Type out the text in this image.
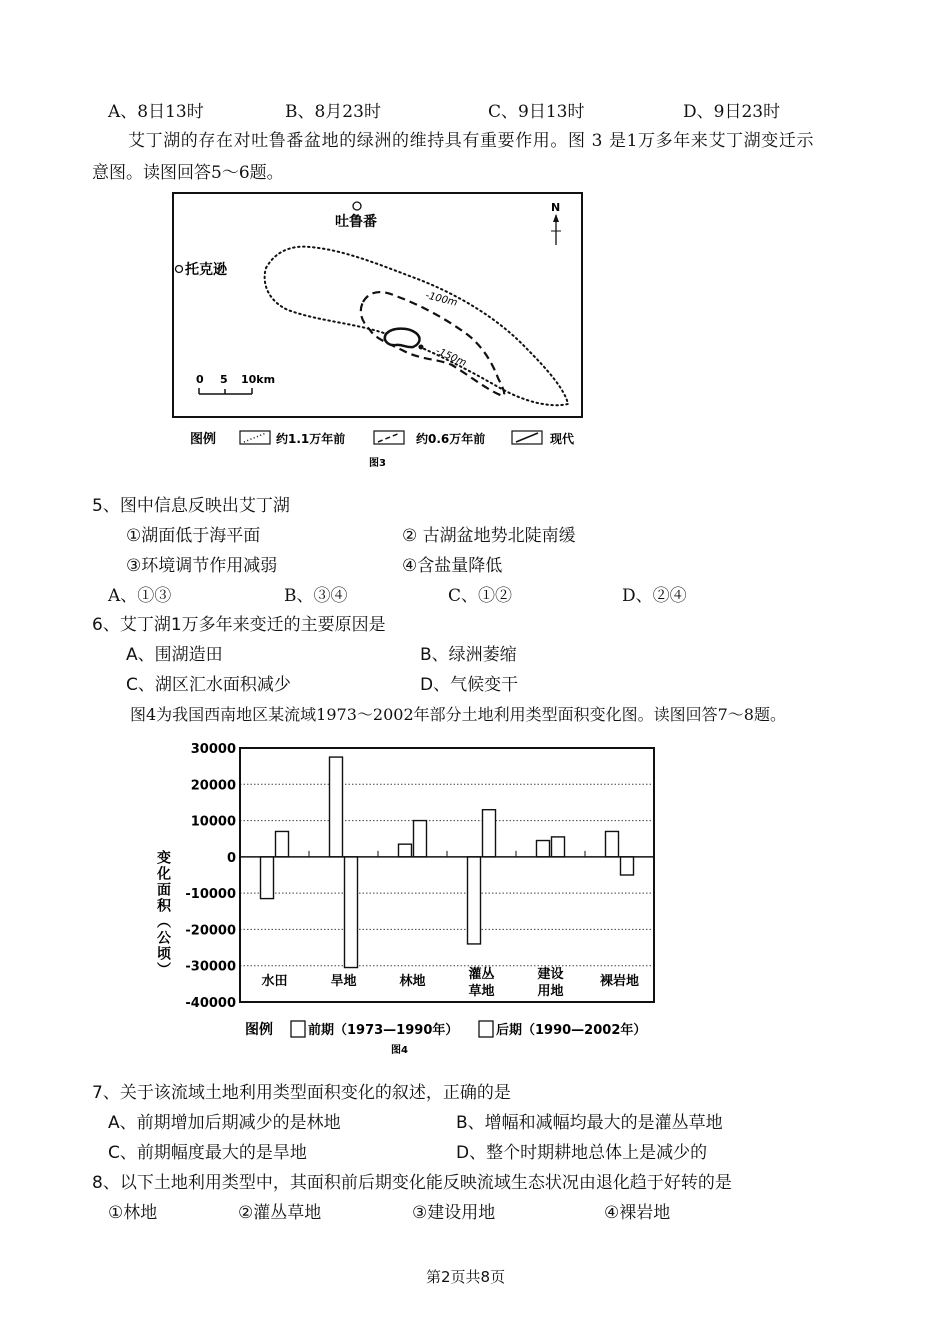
A、8日13时	B、8月23时	C、9日13时	D、9日23时
艾丁湖的存在对吐鲁番盆地的绿洲的维持具有重要作用。图 3 是1万多年来艾丁湖变迁示
意图。读图回答5～6题。
吐鲁番
托克逊
N
-100m
-150m
0 5 10km
图例	约1.1万年前	约0.6万年前	现代
图3
5、图中信息反映出艾丁湖
①湖面低于海平面	② 古湖盆地势北陡南缓
③环境调节作用减弱	④含盐量降低
A、①③	B、③④	C、①②	D、②④
6、艾丁湖1万多年来变迁的主要原因是
A、围湖造田	B、绿洲萎缩
C、湖区汇水面积减少	D、气候变干
图4为我国西南地区某流域1973～2002年部分土地利用类型面积变化图。读图回答7～8题。
30000
20000
10000
0
-10000
-20000
-30000
-40000
水田	旱地	林地	灌丛
草地
建设
用地
裸岩地
变化面积（公顷）
图例	前期（1973—1990年）	后期（1990—2002年）
图4
7、关于该流域土地利用类型面积变化的叙述，正确的是
A、前期增加后期减少的是林地	B、增幅和减幅均最大的是灌丛草地
C、前期幅度最大的是旱地	D、整个时期耕地总体上是减少的
8、以下土地利用类型中，其面积前后期变化能反映流域生态状况由退化趋于好转的是
①林地	②灌丛草地	③建设用地	④裸岩地
第2页共8页
